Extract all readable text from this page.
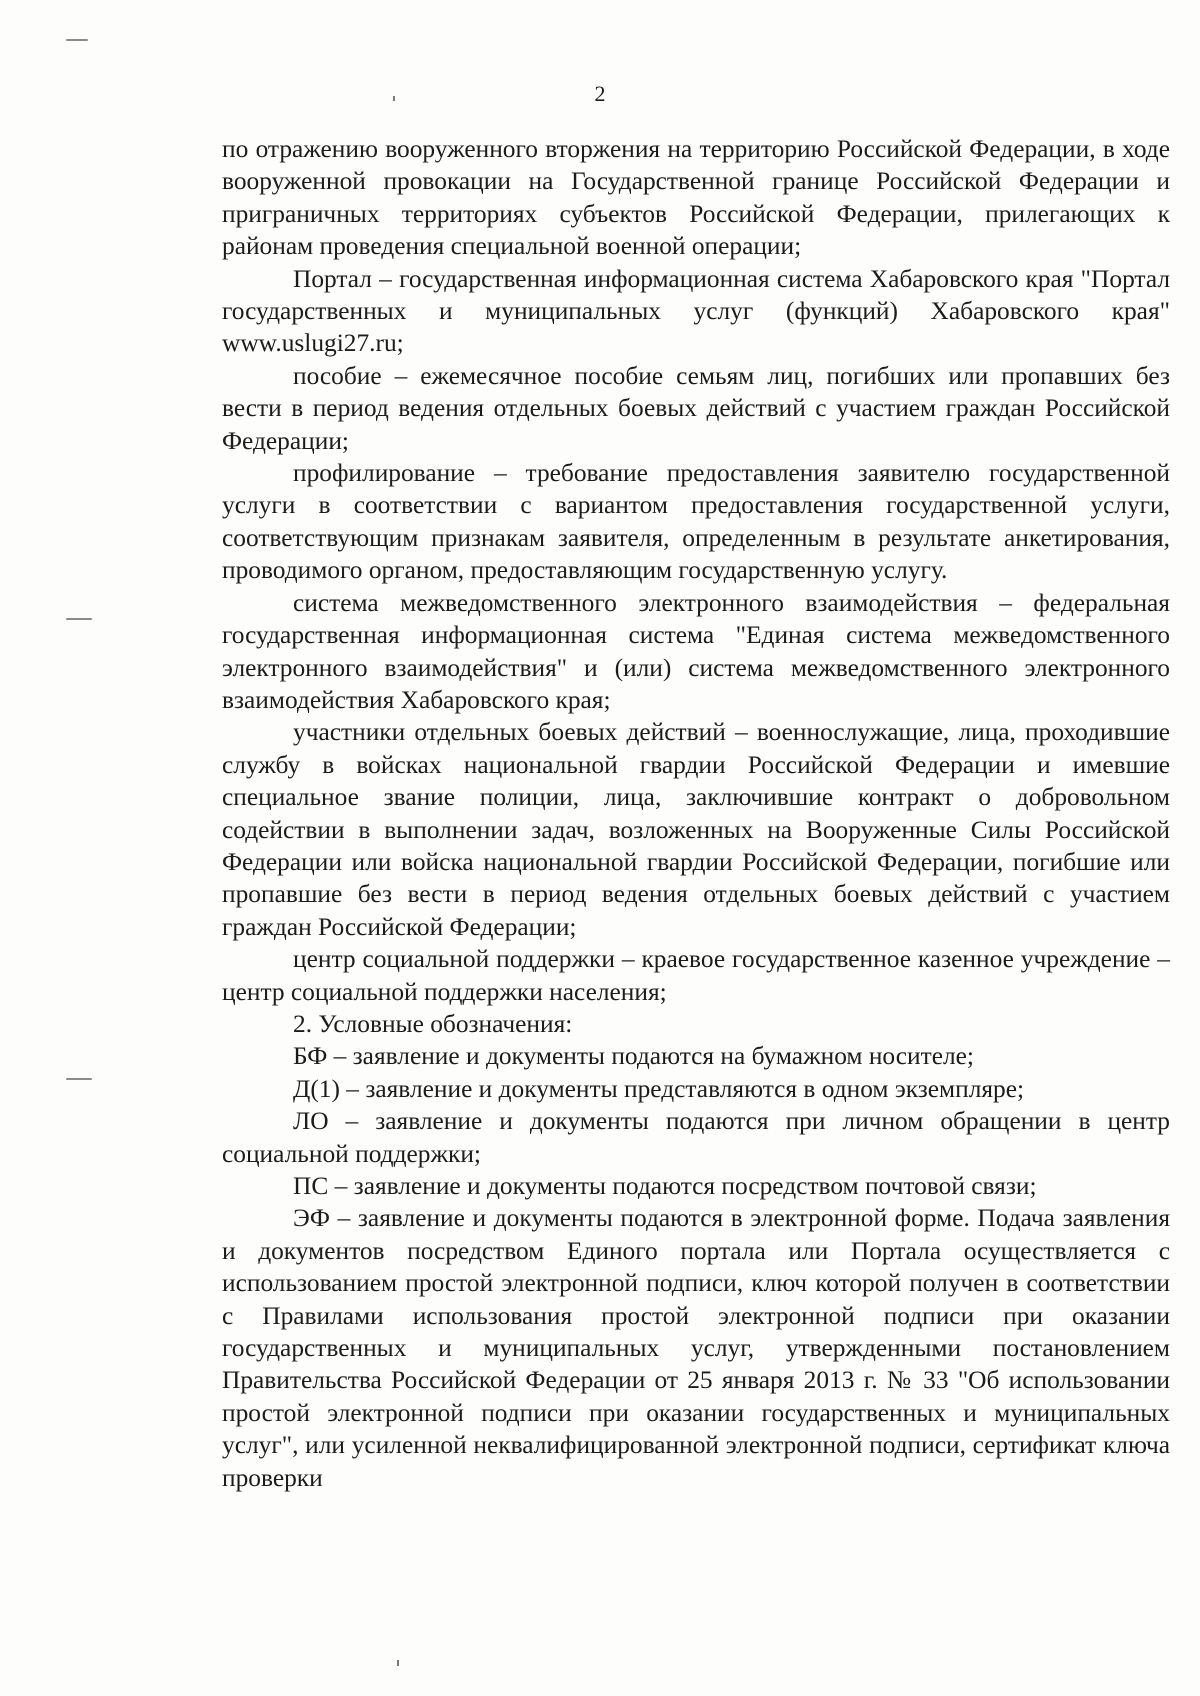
2

по отражению вооруженного вторжения на территорию Российской Федерации, в ходе вооруженной провокации на Государственной границе Российской Федерации и приграничных территориях субъектов Российской Федерации, прилегающих к районам проведения специальной военной операции;

Портал – государственная информационная система Хабаровского края "Портал государственных и муниципальных услуг (функций) Хабаровского края" www.uslugi27.ru;

пособие – ежемесячное пособие семьям лиц, погибших или пропавших без вести в период ведения отдельных боевых действий с участием граждан Российской Федерации;

профилирование – требование предоставления заявителю государственной услуги в соответствии с вариантом предоставления государственной услуги, соответствующим признакам заявителя, определенным в результате анкетирования, проводимого органом, предоставляющим государственную услугу.

система межведомственного электронного взаимодействия – федеральная государственная информационная система "Единая система межведомственного электронного взаимодействия" и (или) система межведомственного электронного взаимодействия Хабаровского края;

участники отдельных боевых действий – военнослужащие, лица, проходившие службу в войсках национальной гвардии Российской Федерации и имевшие специальное звание полиции, лица, заключившие контракт о добровольном содействии в выполнении задач, возложенных на Вооруженные Силы Российской Федерации или войска национальной гвардии Российской Федерации, погибшие или пропавшие без вести в период ведения отдельных боевых действий с участием граждан Российской Федерации;

центр социальной поддержки – краевое государственное казенное учреждение – центр социальной поддержки населения;

2. Условные обозначения:

БФ – заявление и документы подаются на бумажном носителе;

Д(1) – заявление и документы представляются в одном экземпляре;

ЛО – заявление и документы подаются при личном обращении в центр социальной поддержки;

ПС – заявление и документы подаются посредством почтовой связи;

ЭФ – заявление и документы подаются в электронной форме. Подача заявления и документов посредством Единого портала или Портала осуществляется с использованием простой электронной подписи, ключ которой получен в соответствии с Правилами использования простой электронной подписи при оказании государственных и муниципальных услуг, утвержденными постановлением Правительства Российской Федерации от 25 января 2013 г. № 33 "Об использовании простой электронной подписи при оказании государственных и муниципальных услуг", или усиленной неквалифицированной электронной подписи, сертификат ключа проверки
